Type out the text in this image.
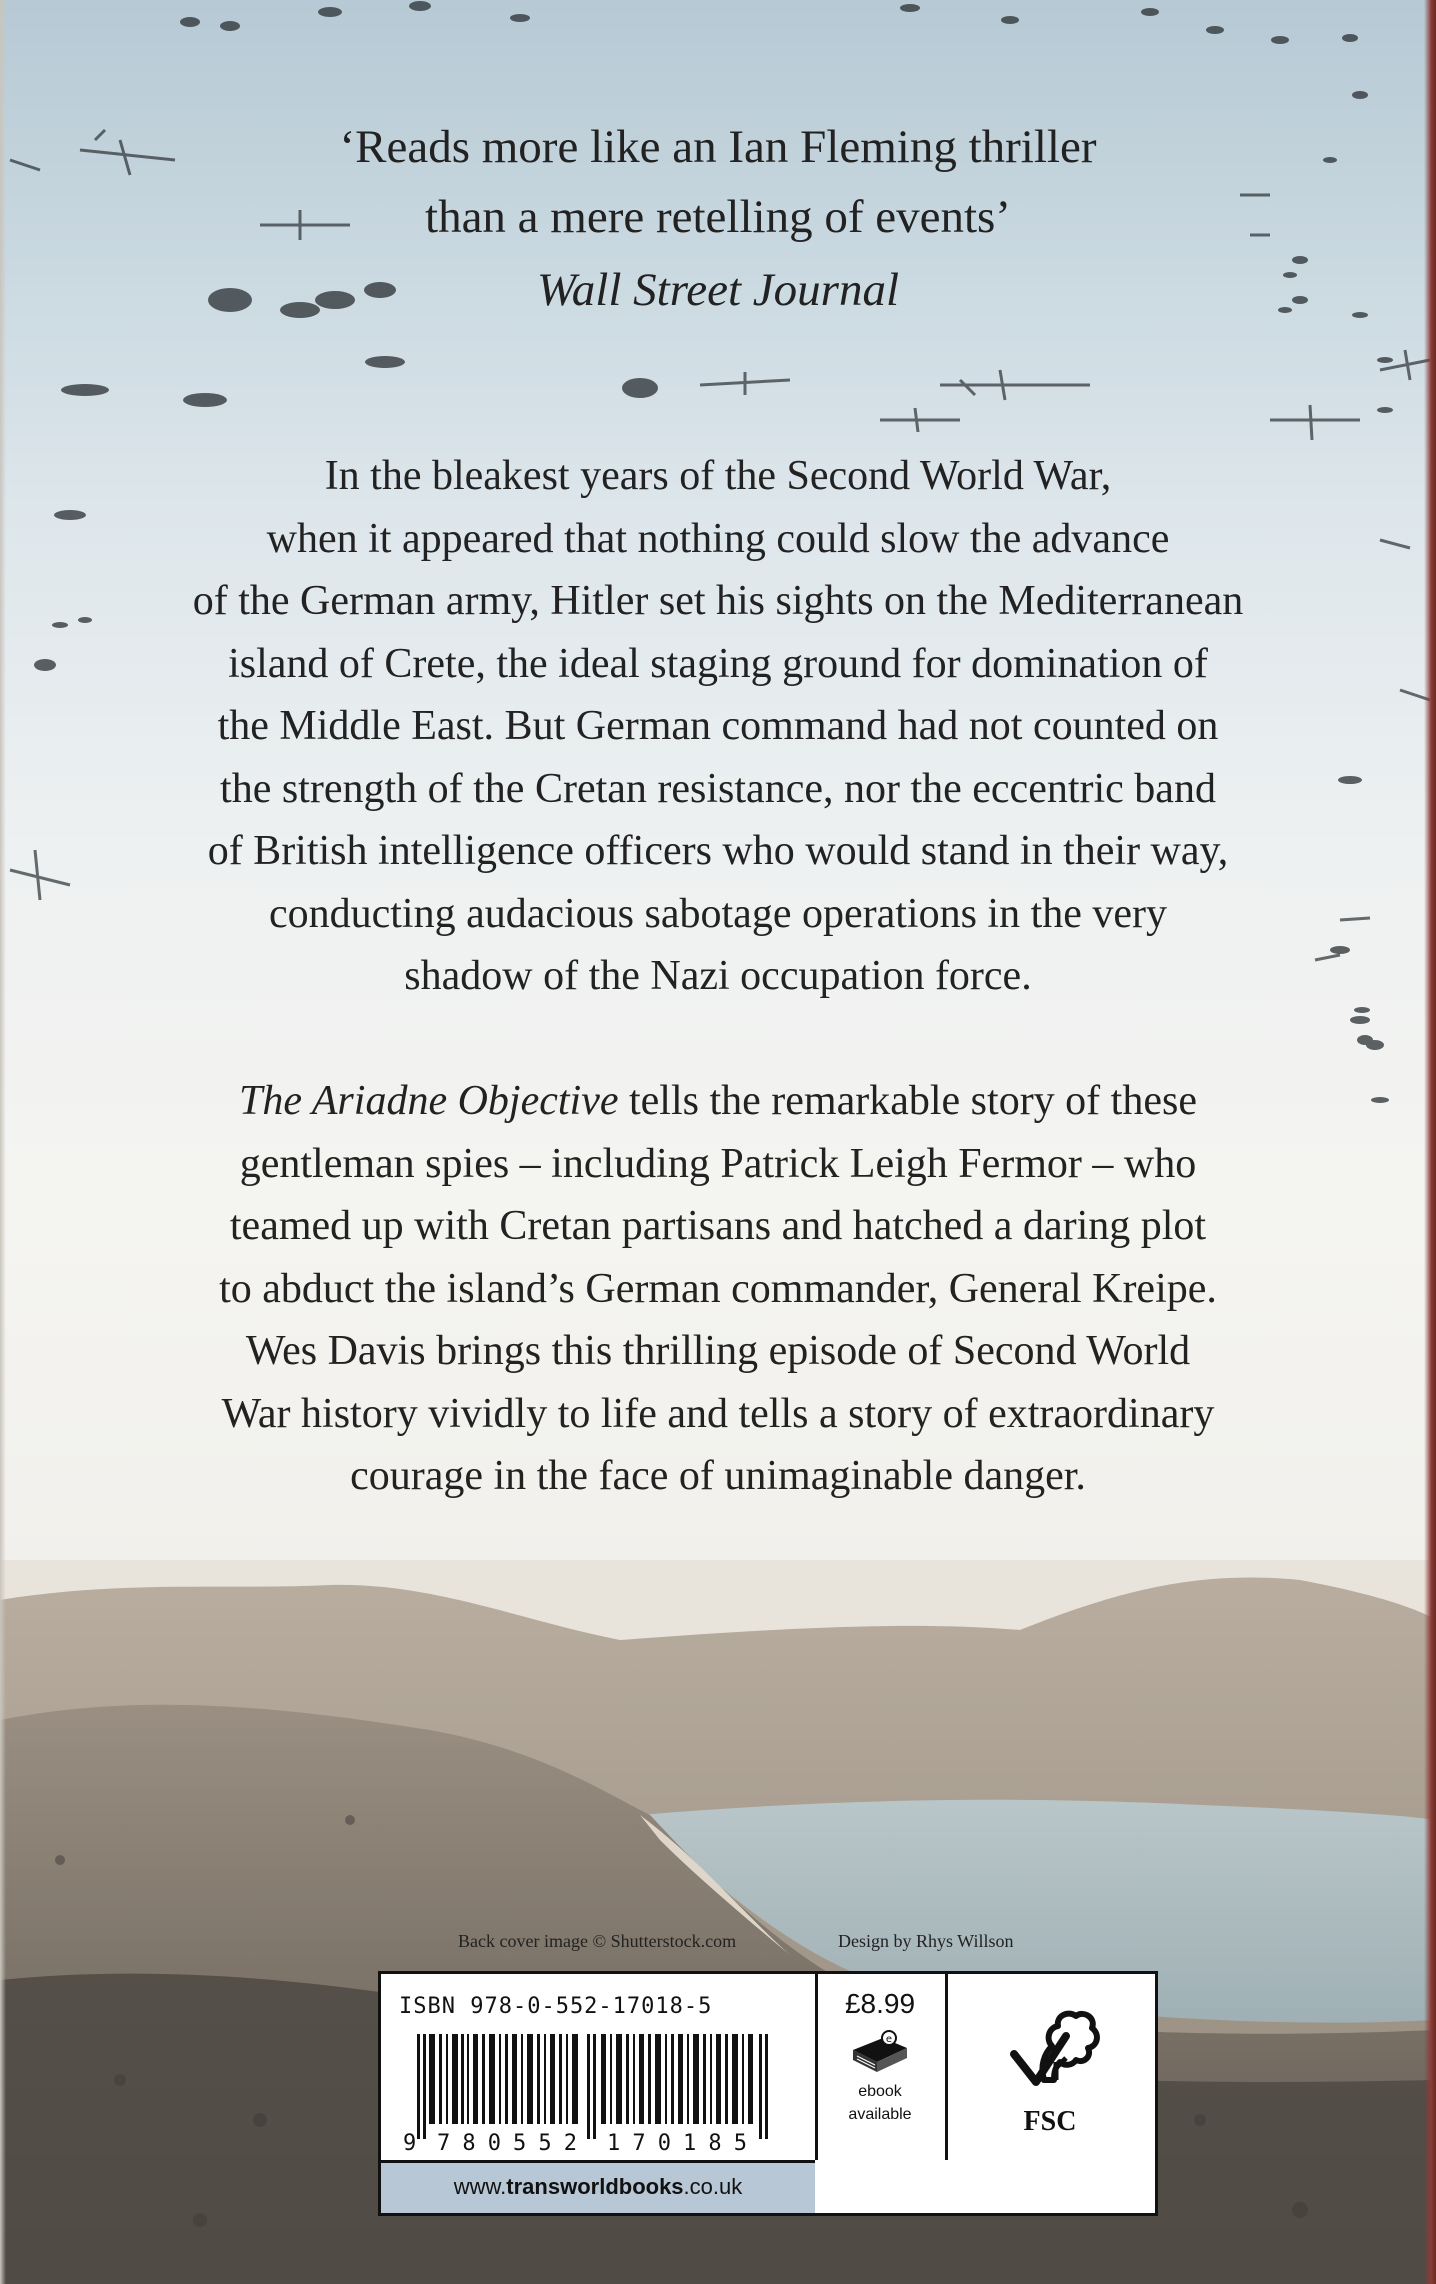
‘Reads more like an Ian Fleming thriller
than a mere retelling of events’
Wall Street Journal

In the bleakest years of the Second World War,

when it appeared that nothing could slow the advance

of the German army, Hitler set his sights on the Mediterranean

island of Crete, the ideal staging ground for domination of

the Middle East. But German command had not counted on

the strength of the Cretan resistance, nor the eccentric band

of British intelligence officers who would stand in their way,

conducting audacious sabotage operations in the very

shadow of the Nazi occupation force.

The Ariadne Objective tells the remarkable story of these

gentleman spies – including Patrick Leigh Fermor – who

teamed up with Cretan partisans and hatched a daring plot

to abduct the island’s German commander, General Kreipe.

Wes Davis brings this thrilling episode of Second World

War history vividly to life and tells a story of extraordinary

courage in the face of unimaginable danger.

Back cover image © Shutterstock.com	Design by Rhys Willson
ISBN 978-0-552-17018-5
9 780552 170185
£8.99
e
ebook
available	FSC
www.transworldbooks.co.uk
